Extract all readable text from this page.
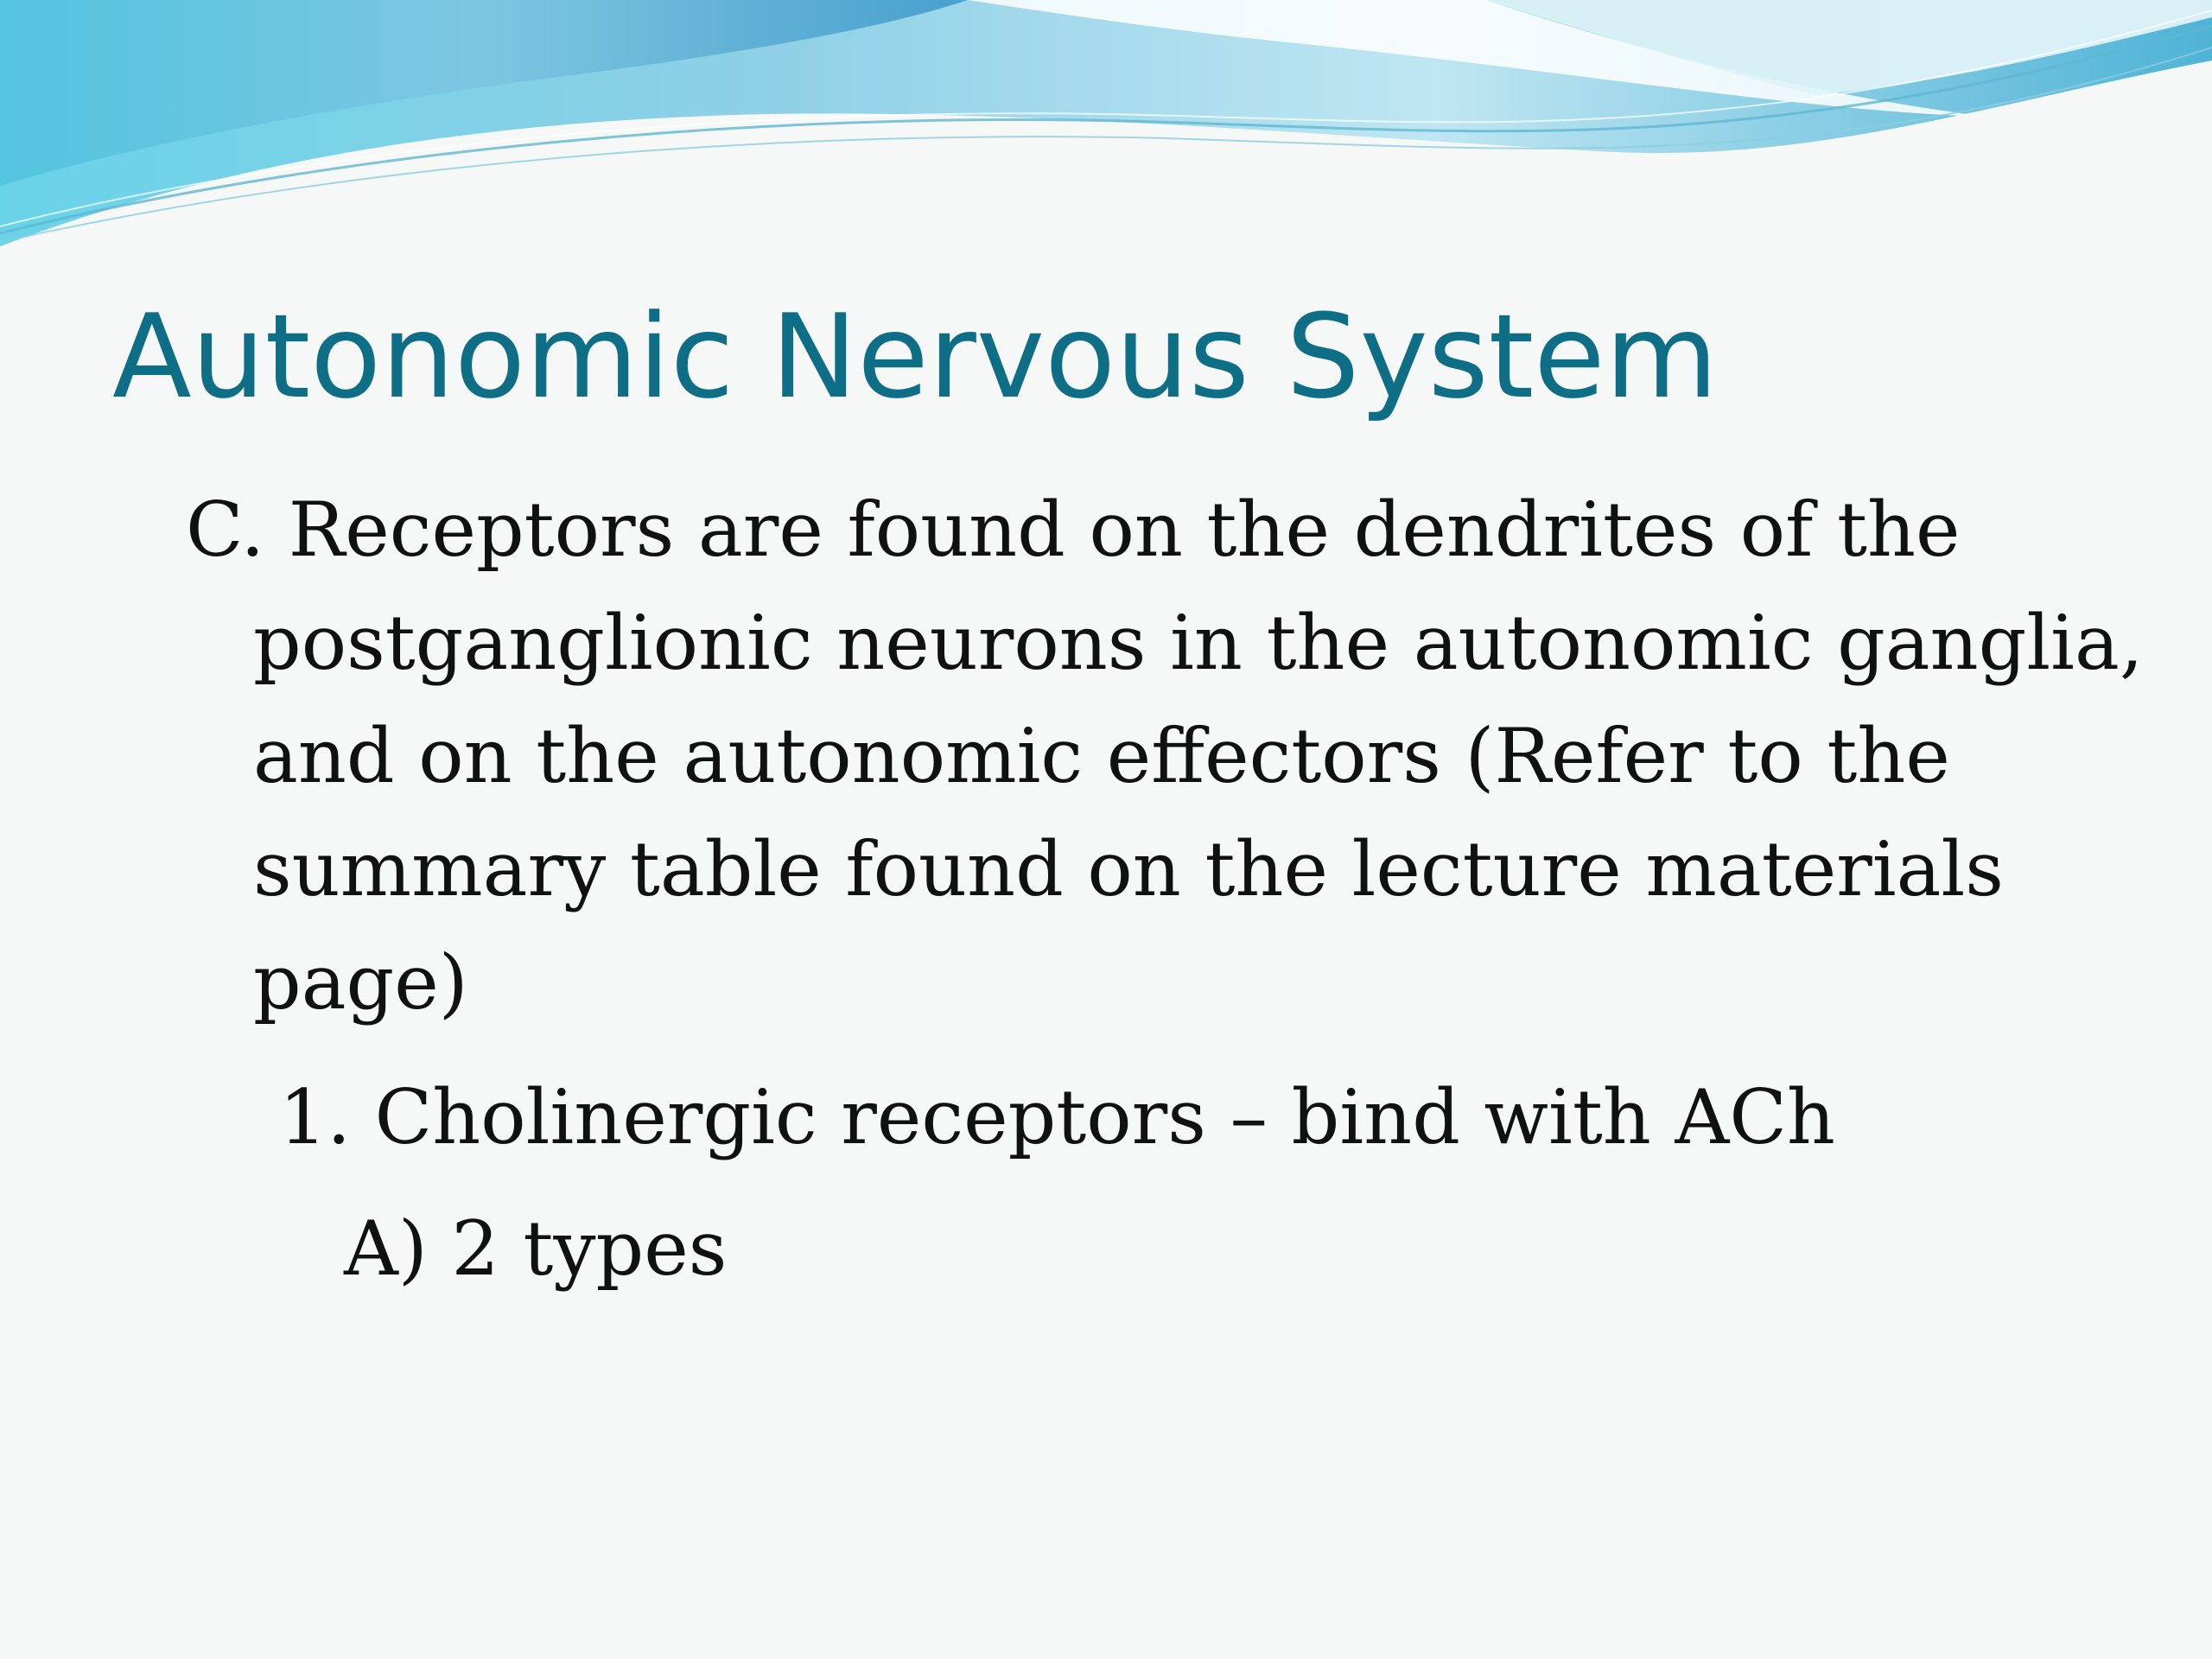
Autonomic Nervous System
C. Receptors are found on the dendrites of the postganglionic neurons in the autonomic ganglia, and on the autonomic effectors (Refer to the summary table found on the lecture materials page)
1. Cholinergic receptors – bind with ACh
A) 2 types
